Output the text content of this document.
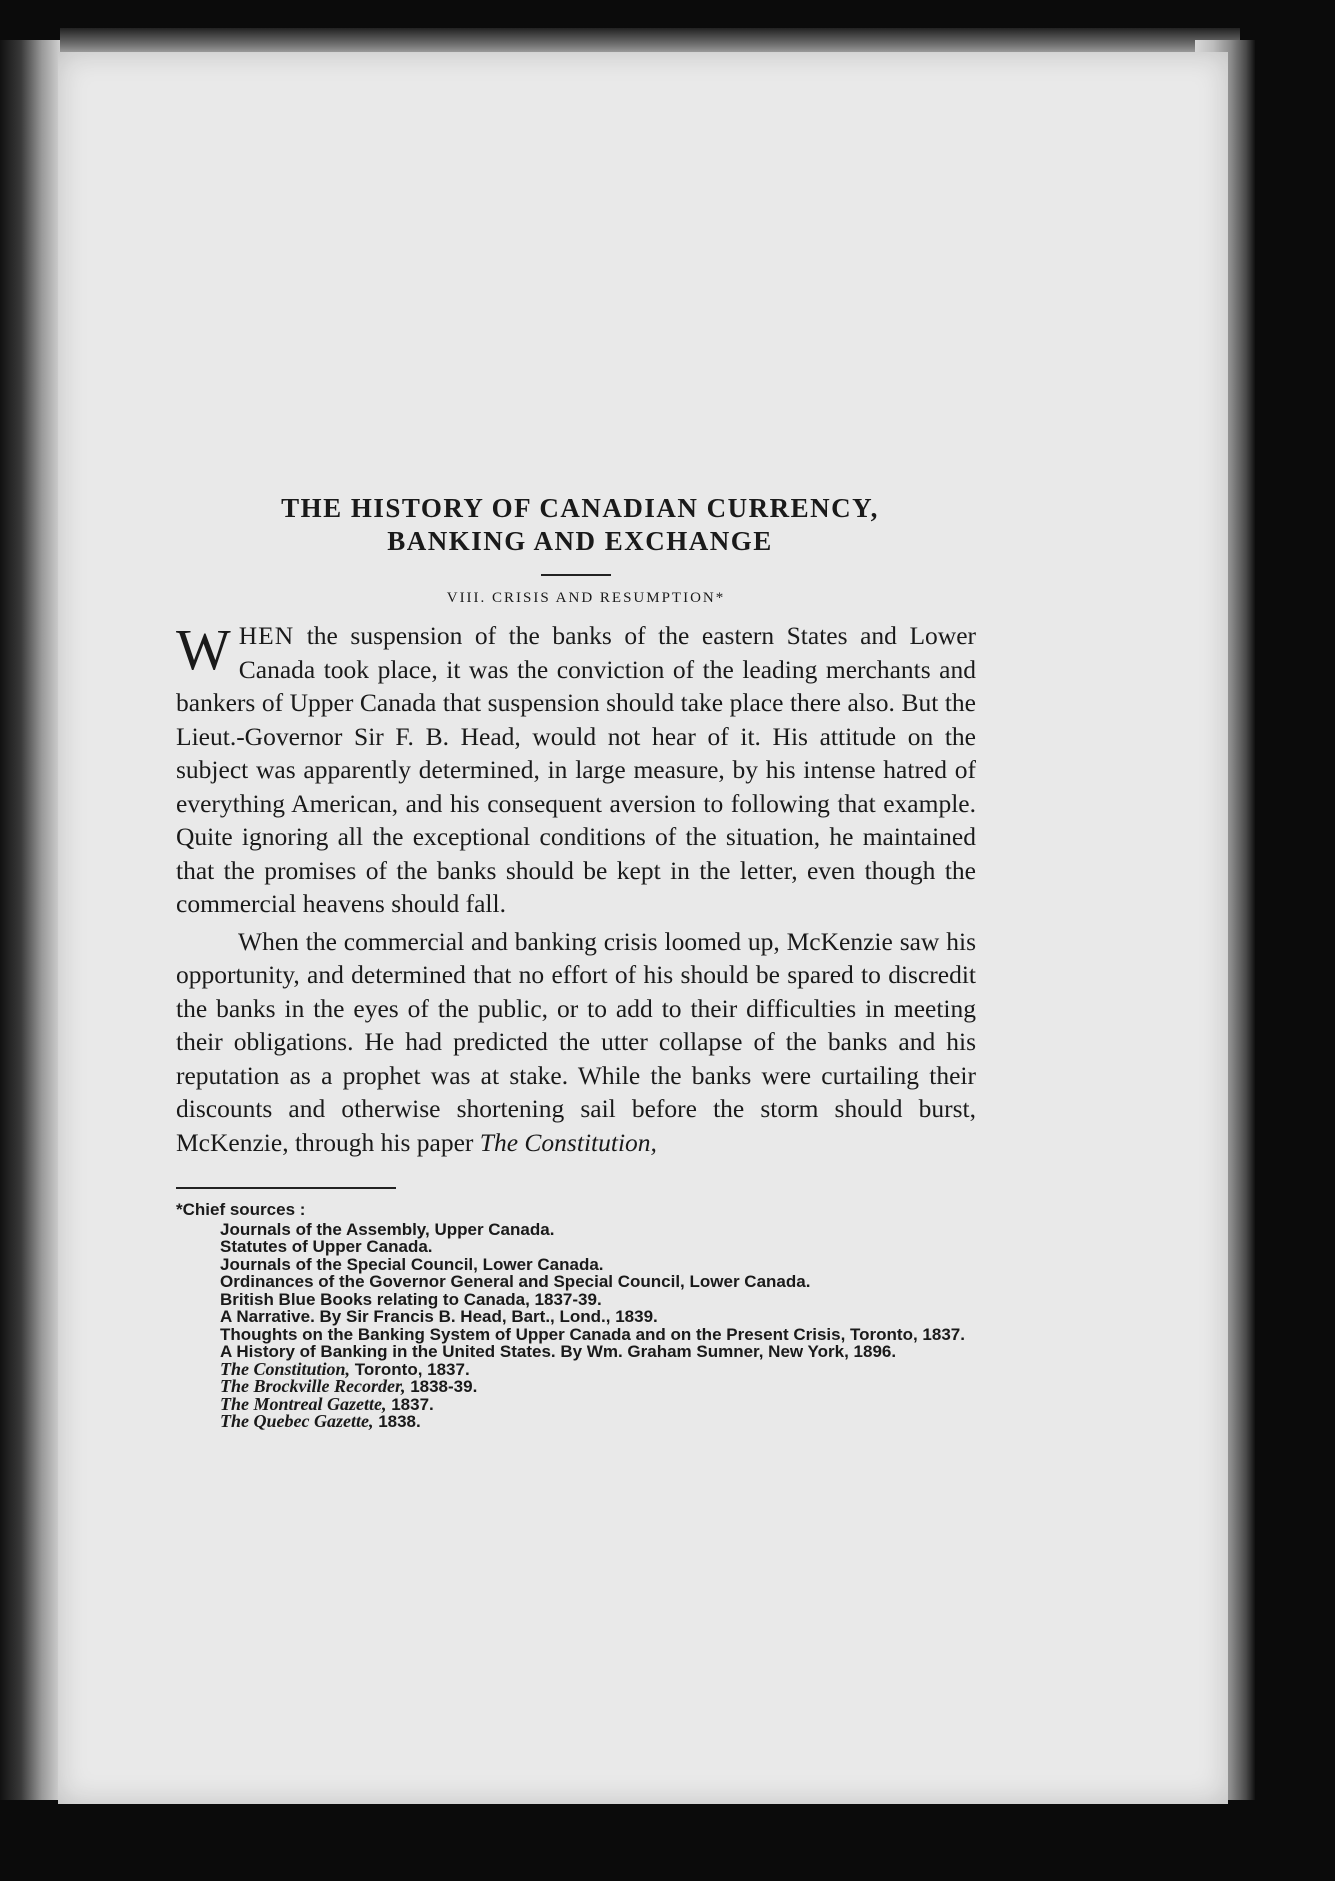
THE HISTORY OF CANADIAN CURRENCY,
BANKING AND EXCHANGE

VIII. CRISIS AND RESUMPTION*

WHEN the suspension of the banks of the eastern States and Lower Canada took place, it was the conviction of the leading merchants and bankers of Upper Canada that suspension should take place there also. But the Lieut.-Governor Sir F. B. Head, would not hear of it. His attitude on the subject was apparently determined, in large measure, by his intense hatred of everything American, and his consequent aversion to following that example. Quite ignoring all the exceptional conditions of the situation, he maintained that the promises of the banks should be kept in the letter, even though the commercial heavens should fall.

When the commercial and banking crisis loomed up, McKenzie saw his opportunity, and determined that no effort of his should be spared to discredit the banks in the eyes of the public, or to add to their difficulties in meeting their obligations. He had predicted the utter collapse of the banks and his reputation as a prophet was at stake. While the banks were curtailing their discounts and otherwise shortening sail before the storm should burst, McKenzie, through his paper The Constitution,

*Chief sources :

Journals of the Assembly, Upper Canada.
Statutes of Upper Canada.
Journals of the Special Council, Lower Canada.
Ordinances of the Governor General and Special Council, Lower Canada.
British Blue Books relating to Canada, 1837-39.
A Narrative. By Sir Francis B. Head, Bart., Lond., 1839.
Thoughts on the Banking System of Upper Canada and on the Present Crisis, Toronto, 1837.
A History of Banking in the United States. By Wm. Graham Sumner, New York, 1896.
The Constitution, Toronto, 1837.
The Brockville Recorder, 1838-39.
The Montreal Gazette, 1837.
The Quebec Gazette, 1838.
